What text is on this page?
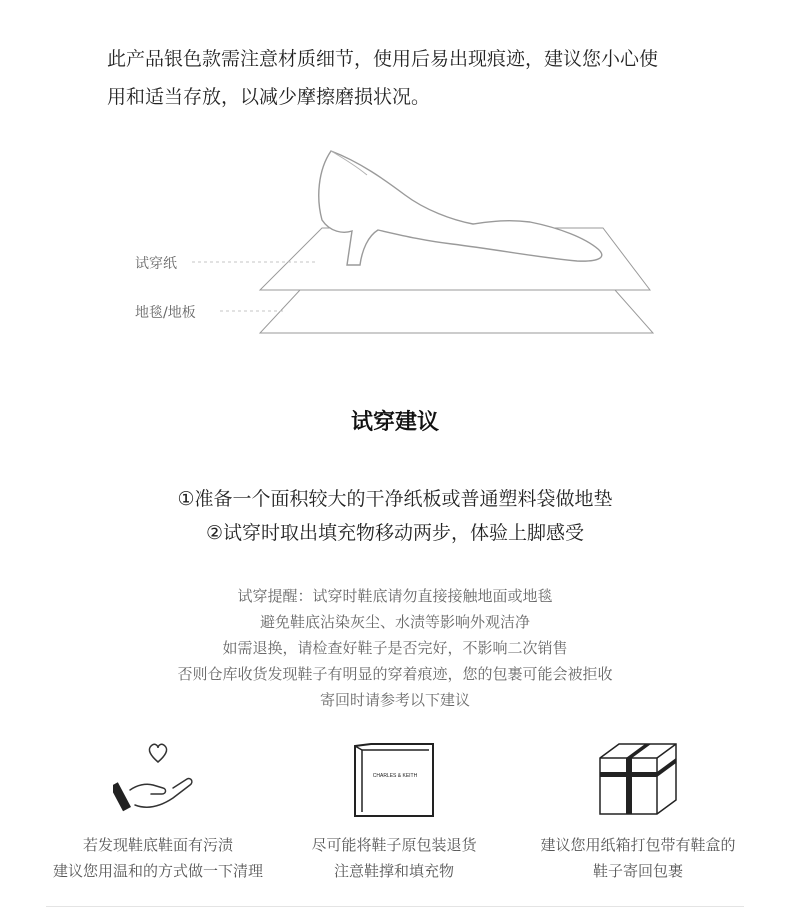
此产品银色款需注意材质细节，使用后易出现痕迹，建议您小心使

用和适当存放，以减少摩擦磨损状况。

试穿纸
地毯/地板
试穿建议

①准备一个面积较大的干净纸板或普通塑料袋做地垫

②试穿时取出填充物移动两步，体验上脚感受

试穿提醒：试穿时鞋底请勿直接接触地面或地毯

避免鞋底沾染灰尘、水渍等影响外观洁净

如需退换，请检查好鞋子是否完好，不影响二次销售

否则仓库收货发现鞋子有明显的穿着痕迹，您的包裹可能会被拒收

寄回时请参考以下建议

若发现鞋底鞋面有污渍

建议您用温和的方式做一下清理

CHARLES & KEITH

尽可能将鞋子原包装退货

注意鞋撑和填充物

建议您用纸箱打包带有鞋盒的

鞋子寄回包裹
